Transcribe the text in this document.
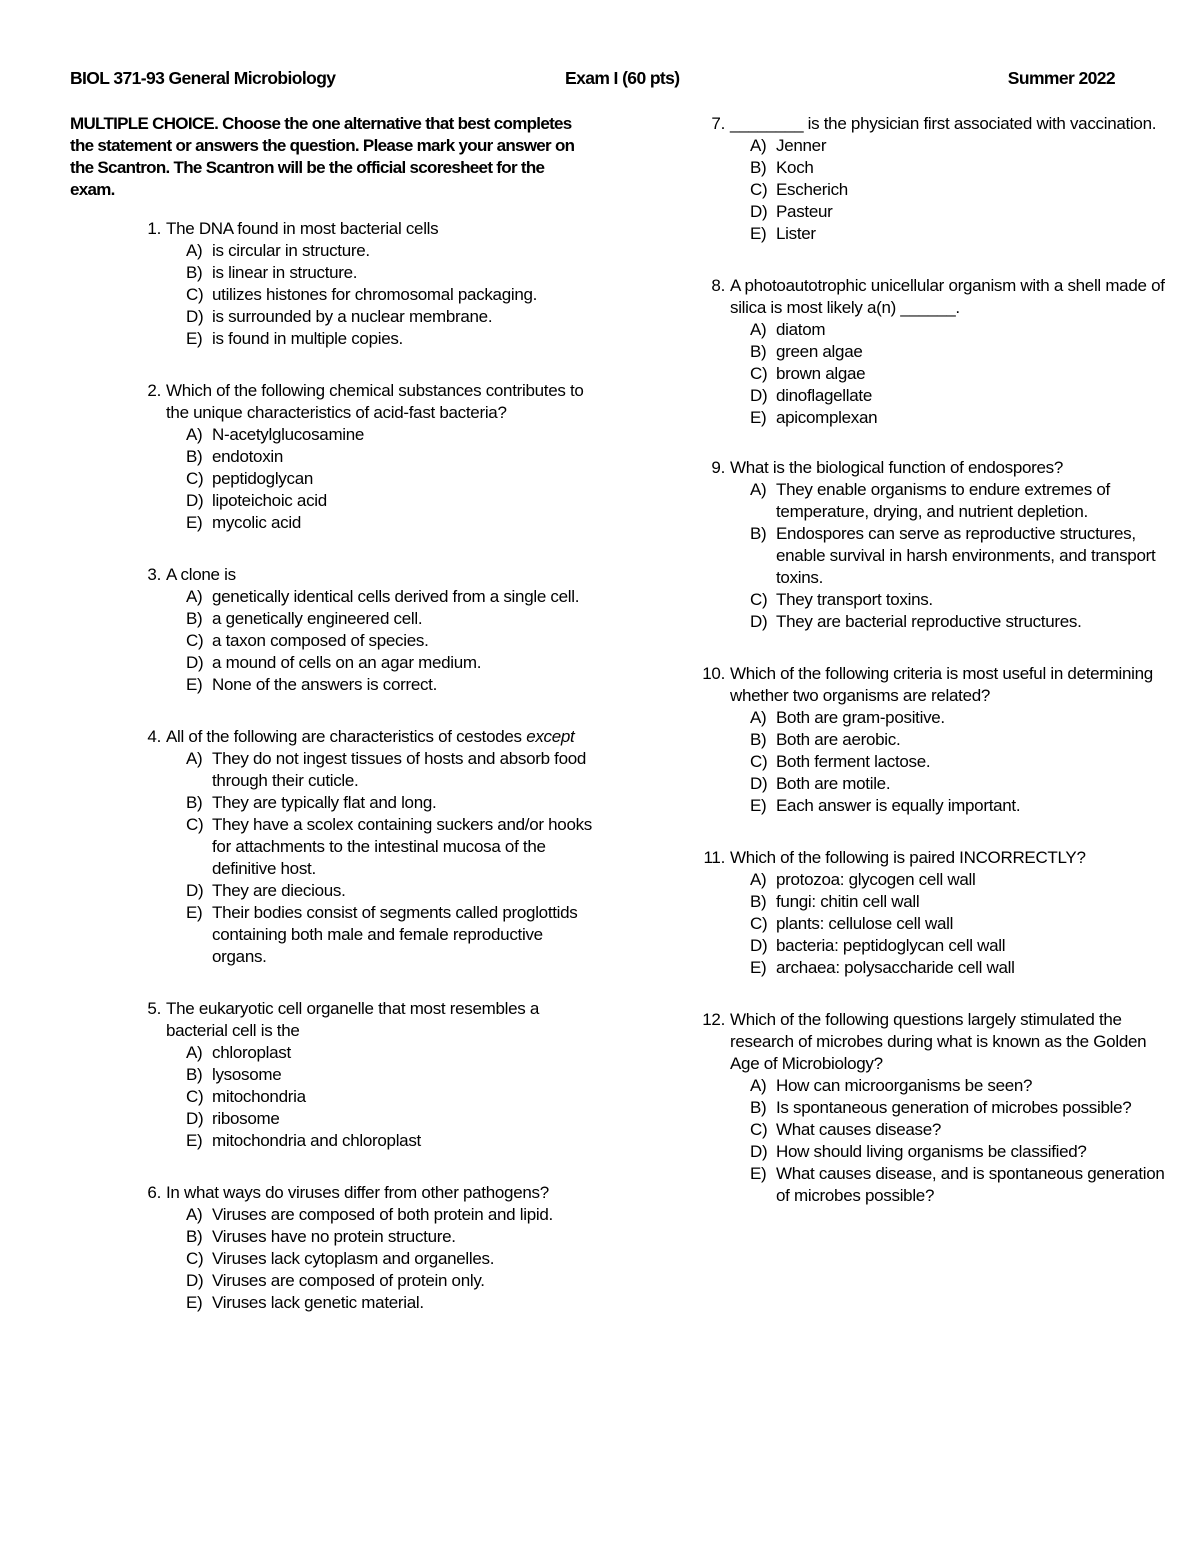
BIOL 371-93 General Microbiology	Exam I (60 pts)	Summer 2022
MULTIPLE CHOICE. Choose the one alternative that best completes the statement or answers the question. Please mark your answer on the Scantron. The Scantron will be the official scoresheet for the exam.
1. The DNA found in most bacterial cells
A) is circular in structure.
B) is linear in structure.
C) utilizes histones for chromosomal packaging.
D) is surrounded by a nuclear membrane.
E) is found in multiple copies.
2. Which of the following chemical substances contributes to the unique characteristics of acid-fast bacteria?
A) N-acetylglucosamine
B) endotoxin
C) peptidoglycan
D) lipoteichoic acid
E) mycolic acid
3. A clone is
A) genetically identical cells derived from a single cell.
B) a genetically engineered cell.
C) a taxon composed of species.
D) a mound of cells on an agar medium.
E) None of the answers is correct.
4. All of the following are characteristics of cestodes except
A) They do not ingest tissues of hosts and absorb food through their cuticle.
B) They are typically flat and long.
C) They have a scolex containing suckers and/or hooks for attachments to the intestinal mucosa of the definitive host.
D) They are diecious.
E) Their bodies consist of segments called proglottids containing both male and female reproductive organs.
5. The eukaryotic cell organelle that most resembles a bacterial cell is the
A) chloroplast
B) lysosome
C) mitochondria
D) ribosome
E) mitochondria and chloroplast
6. In what ways do viruses differ from other pathogens?
A) Viruses are composed of both protein and lipid.
B) Viruses have no protein structure.
C) Viruses lack cytoplasm and organelles.
D) Viruses are composed of protein only.
E) Viruses lack genetic material.
7. ________ is the physician first associated with vaccination.
A) Jenner
B) Koch
C) Escherich
D) Pasteur
E) Lister
8. A photoautotrophic unicellular organism with a shell made of silica is most likely a(n) ______.
A) diatom
B) green algae
C) brown algae
D) dinoflagellate
E) apicomplexan
9. What is the biological function of endospores?
A) They enable organisms to endure extremes of temperature, drying, and nutrient depletion.
B) Endospores can serve as reproductive structures, enable survival in harsh environments, and transport toxins.
C) They transport toxins.
D) They are bacterial reproductive structures.
10. Which of the following criteria is most useful in determining whether two organisms are related?
A) Both are gram-positive.
B) Both are aerobic.
C) Both ferment lactose.
D) Both are motile.
E) Each answer is equally important.
11. Which of the following is paired INCORRECTLY?
A) protozoa: glycogen cell wall
B) fungi: chitin cell wall
C) plants: cellulose cell wall
D) bacteria: peptidoglycan cell wall
E) archaea: polysaccharide cell wall
12. Which of the following questions largely stimulated the research of microbes during what is known as the Golden Age of Microbiology?
A) How can microorganisms be seen?
B) Is spontaneous generation of microbes possible?
C) What causes disease?
D) How should living organisms be classified?
E) What causes disease, and is spontaneous generation of microbes possible?
